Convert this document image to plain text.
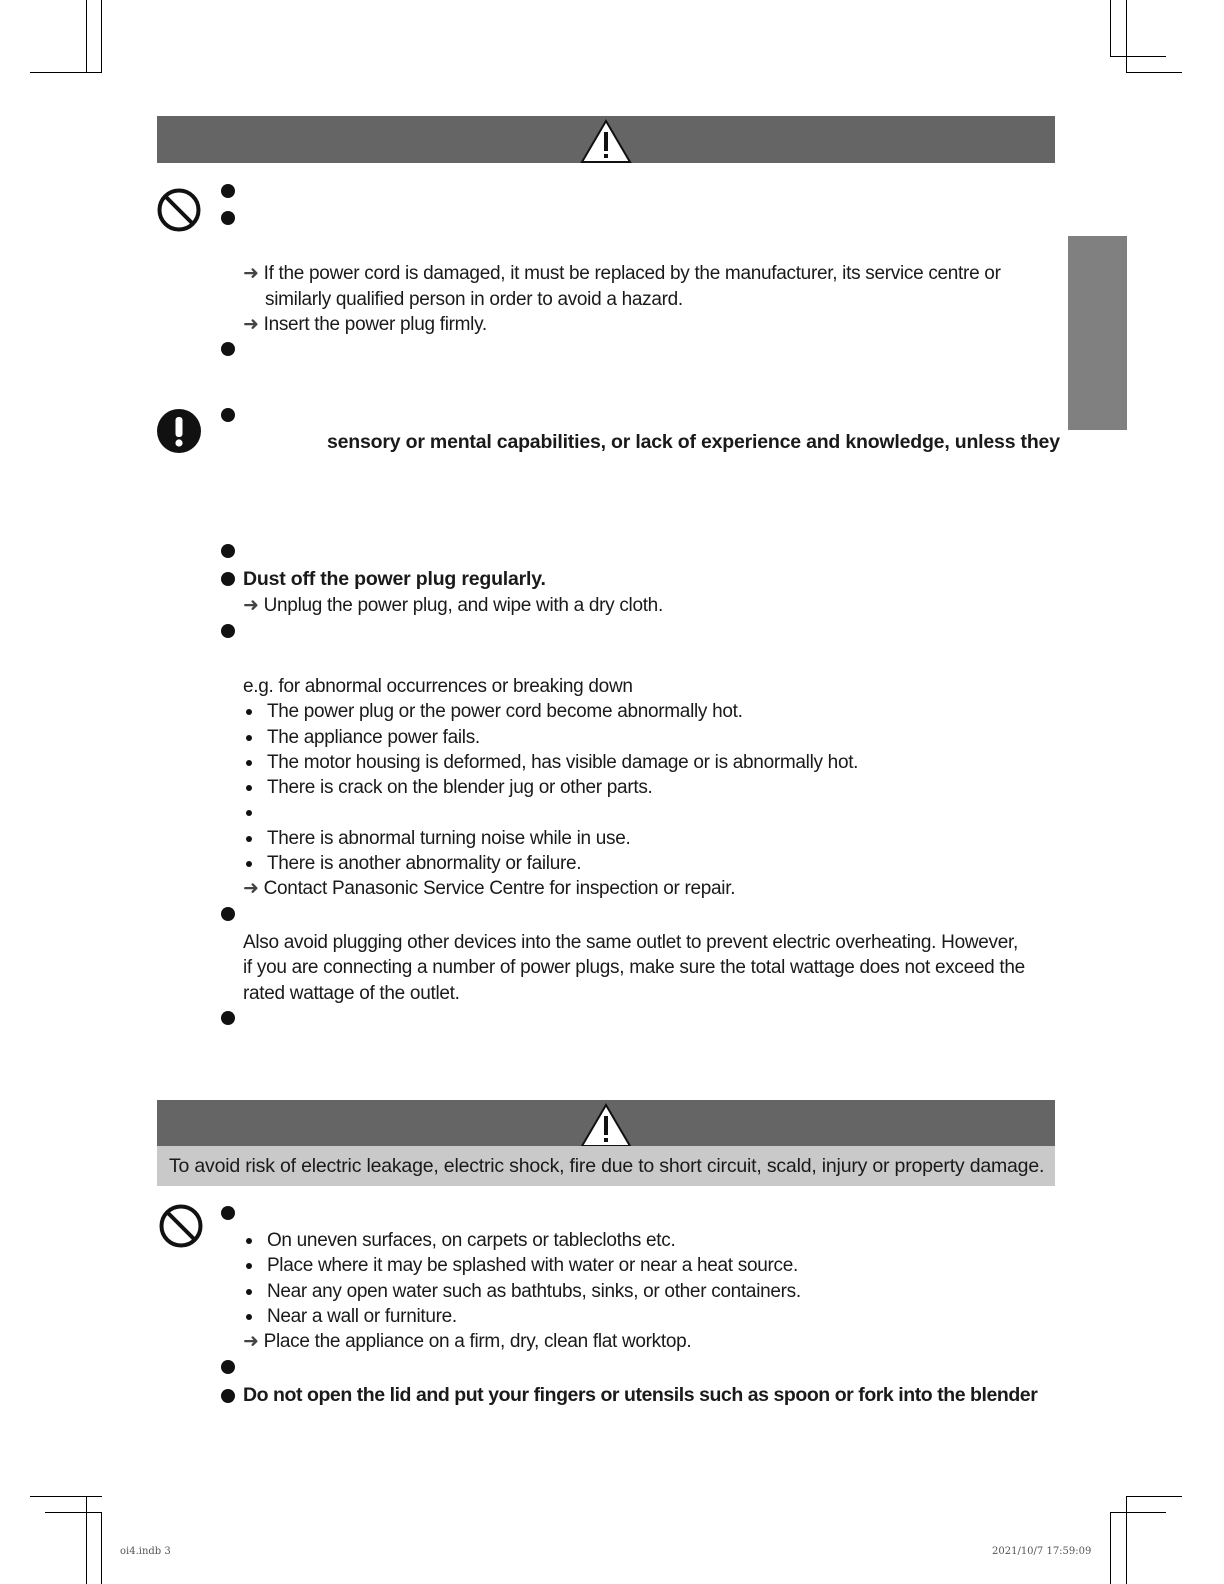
➜ If the power cord is damaged, it must be replaced by the manufacturer, its service centre or
similarly qualified person in order to avoid a hazard.
➜ Insert the power plug firmly.
sensory or mental capabilities, or lack of experience and knowledge, unless they
Dust off the power plug regularly.
➜ Unplug the power plug, and wipe with a dry cloth.
e.g. for abnormal occurrences or breaking down
The power plug or the power cord become abnormally hot.
The appliance power fails.
The motor housing is deformed, has visible damage or is abnormally hot.
There is crack on the blender jug or other parts.

There is abnormal turning noise while in use.
There is another abnormality or failure.
➜ Contact Panasonic Service Centre for inspection or repair.
Also avoid plugging other devices into the same outlet to prevent electric overheating. However,
if you are connecting a number of power plugs, make sure the total wattage does not exceed the
rated wattage of the outlet.
To avoid risk of electric leakage, electric shock, fire due to short circuit, scald, injury or property damage.
On uneven surfaces, on carpets or tablecloths etc.
Place where it may be splashed with water or near a heat source.
Near any open water such as bathtubs, sinks, or other containers.
Near a wall or furniture.
➜ Place the appliance on a firm, dry, clean flat worktop.
Do not open the lid and put your fingers or utensils such as spoon or fork into the blender
oi4.indb 3	2021/10/7 17:59:09
